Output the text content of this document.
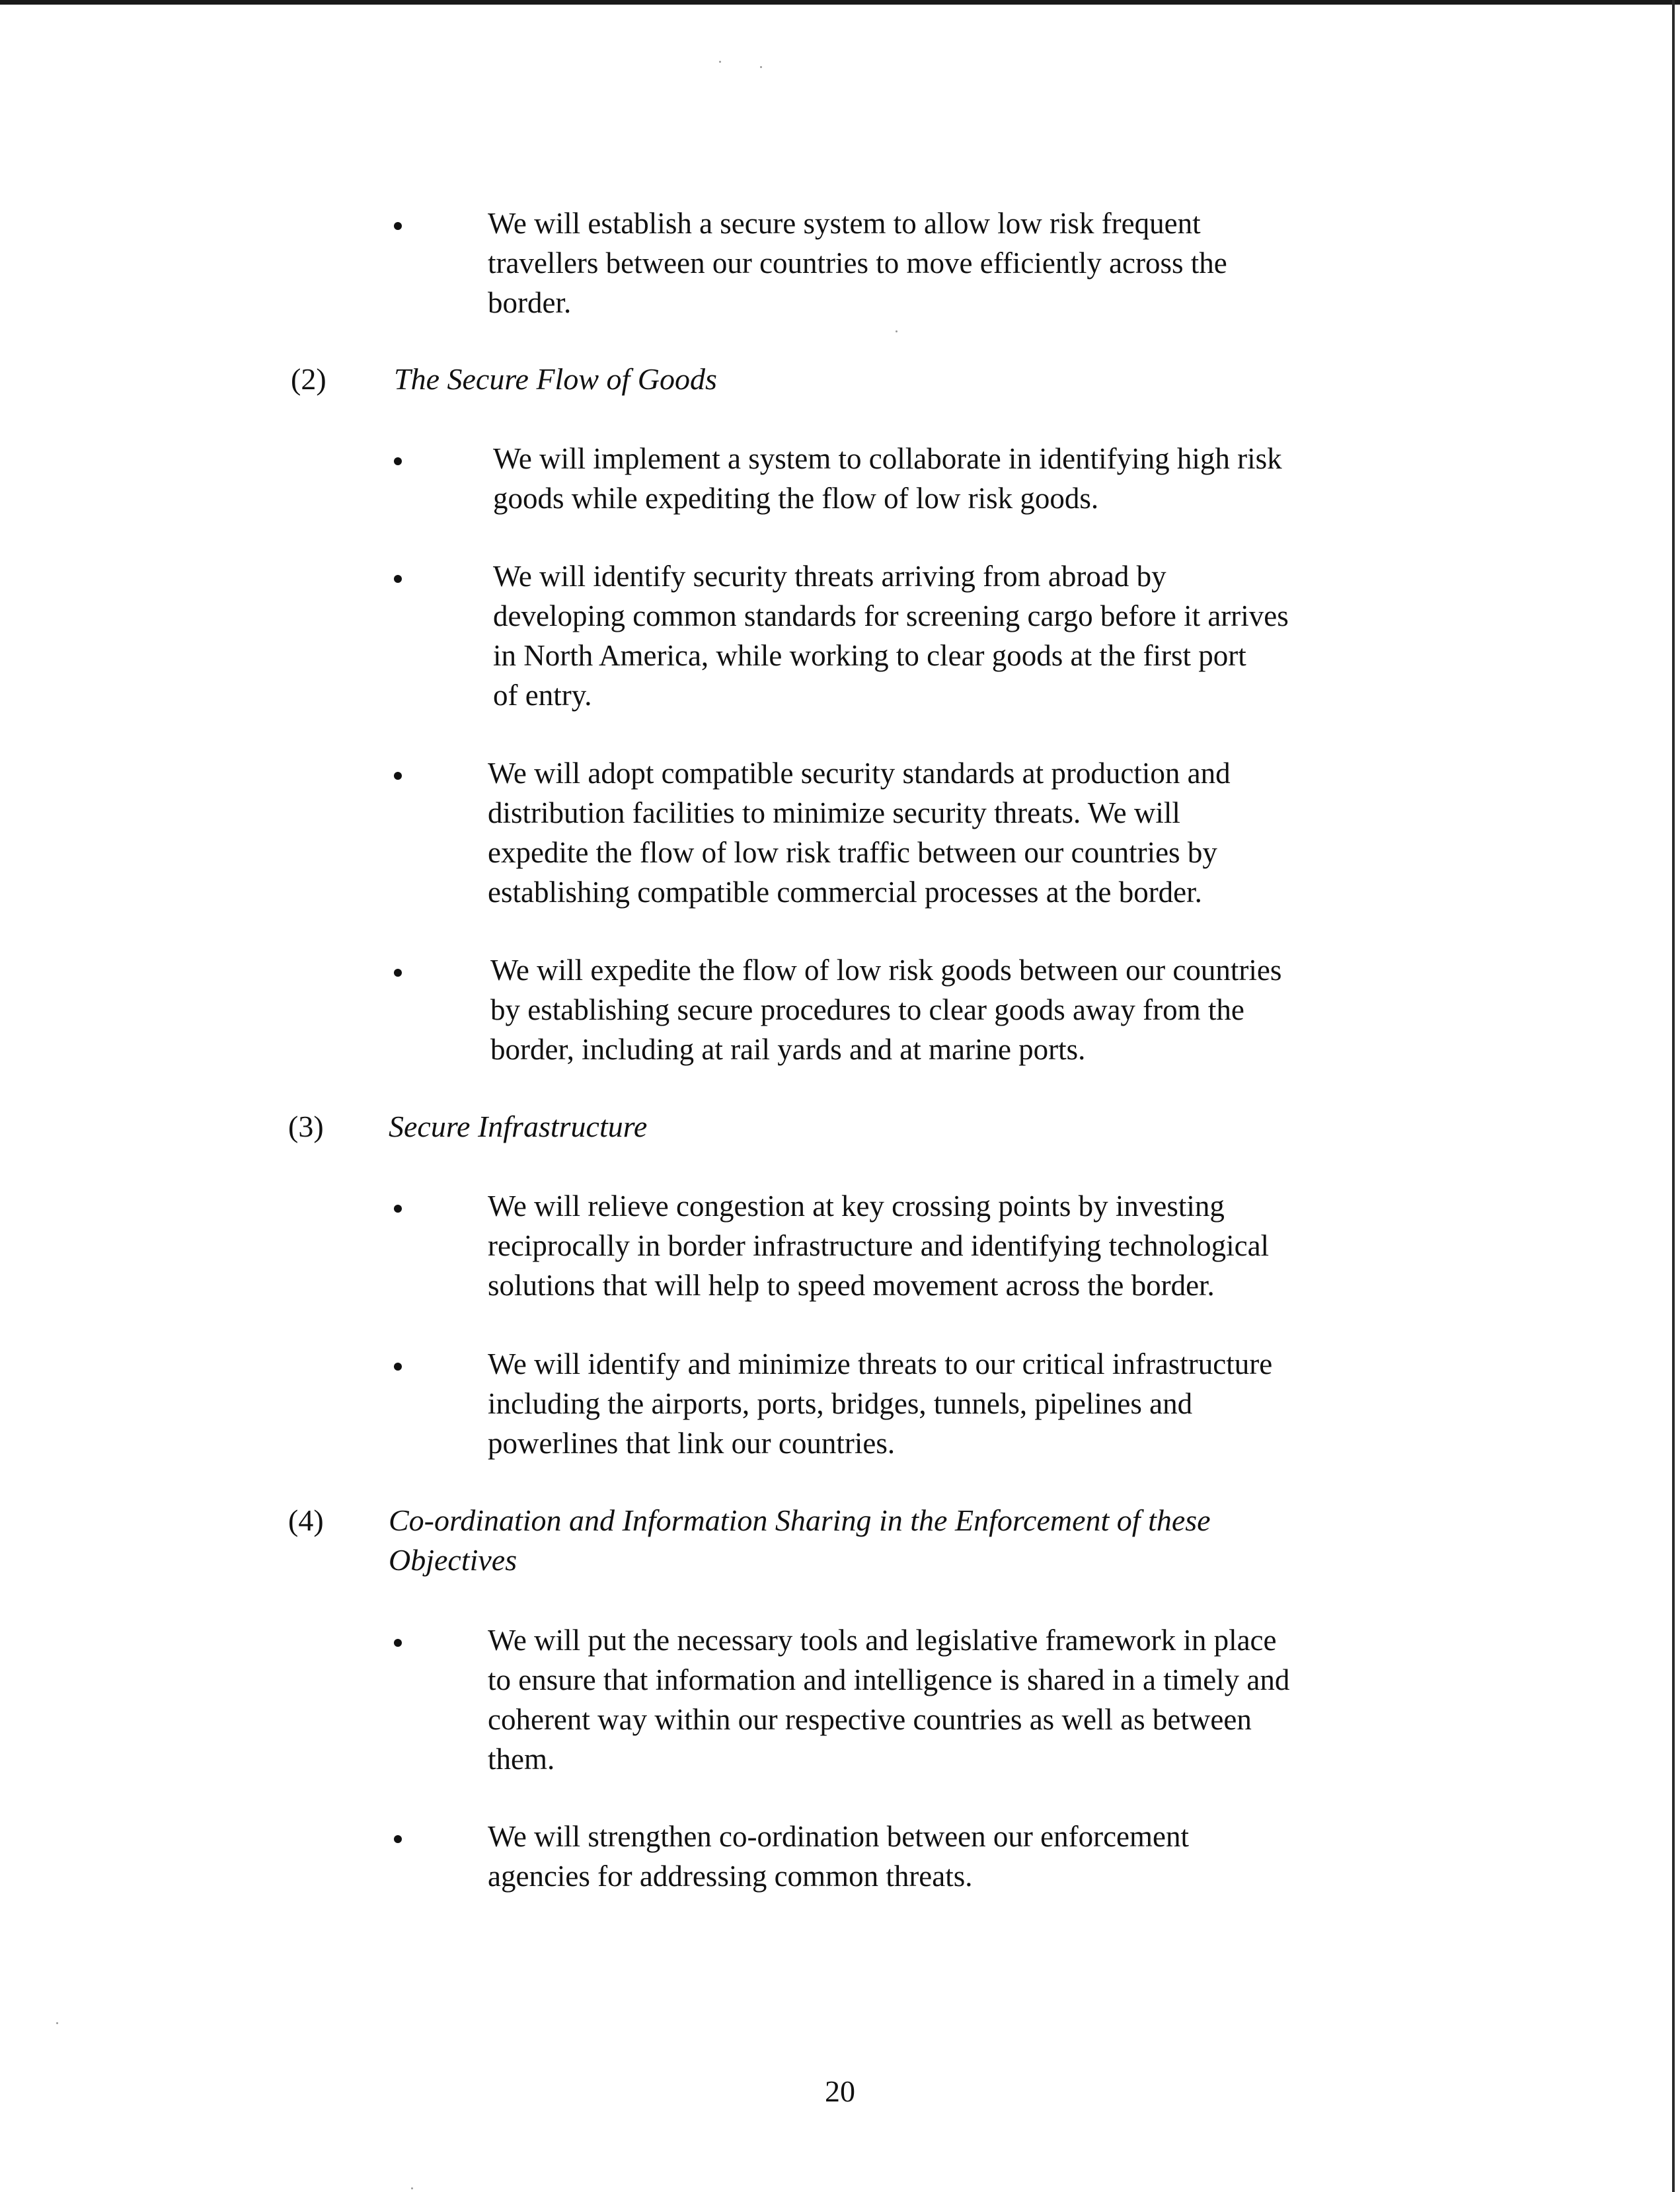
We will establish a secure system to allow low risk frequent
travellers between our countries to move efficiently across the
border.
(2) The Secure Flow of Goods
We will implement a system to collaborate in identifying high risk
goods while expediting the flow of low risk goods.
We will identify security threats arriving from abroad by
developing common standards for screening cargo before it arrives
in North America, while working to clear goods at the first port
of entry.
We will adopt compatible security standards at production and
distribution facilities to minimize security threats. We will
expedite the flow of low risk traffic between our countries by
establishing compatible commercial processes at the border.
We will expedite the flow of low risk goods between our countries
by establishing secure procedures to clear goods away from the
border, including at rail yards and at marine ports.
(3) Secure Infrastructure
We will relieve congestion at key crossing points by investing
reciprocally in border infrastructure and identifying technological
solutions that will help to speed movement across the border.
We will identify and minimize threats to our critical infrastructure
including the airports, ports, bridges, tunnels, pipelines and
powerlines that link our countries.
(4) Co-ordination and Information Sharing in the Enforcement of these
Objectives
We will put the necessary tools and legislative framework in place
to ensure that information and intelligence is shared in a timely and
coherent way within our respective countries as well as between
them.
We will strengthen co-ordination between our enforcement
agencies for addressing common threats.
20
